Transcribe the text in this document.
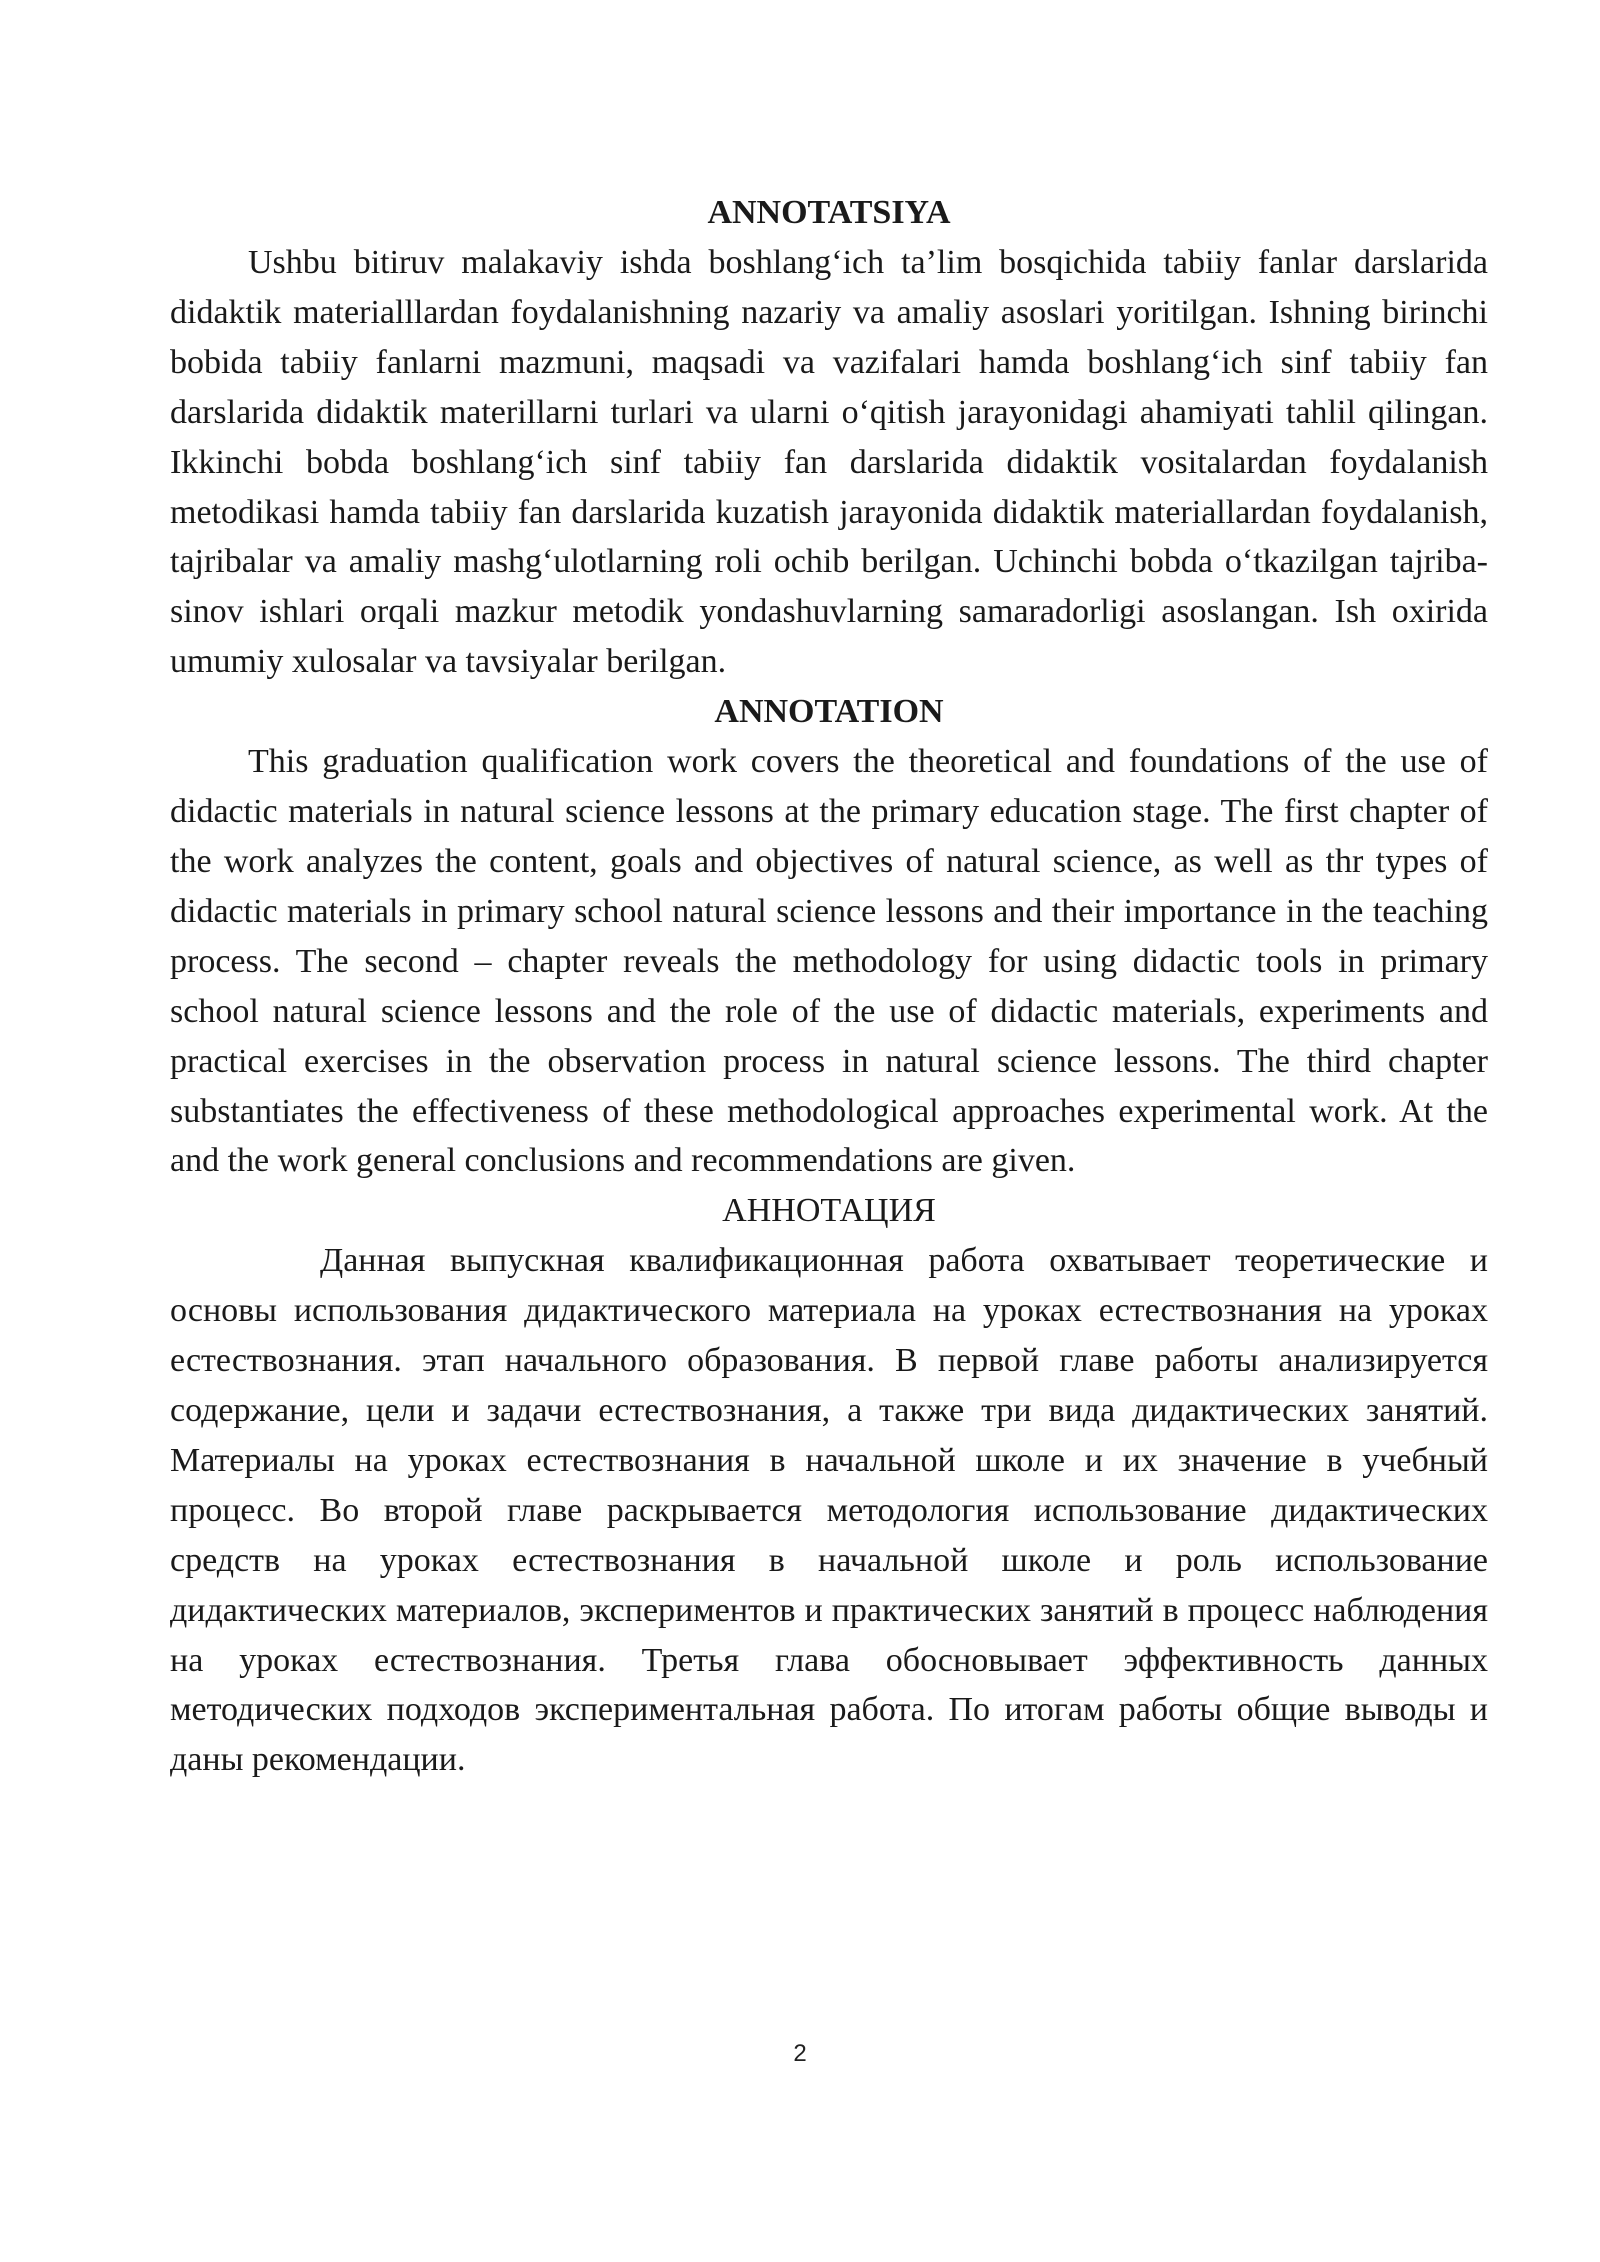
ANNOTATSIYA

Ushbu bitiruv malakaviy ishda boshlang‘ich ta’lim bosqichida tabiiy fanlar darslarida didaktik materialllardan foydalanishning nazariy va amaliy asoslari yoritilgan. Ishning birinchi bobida tabiiy fanlarni mazmuni, maqsadi va vazifalari hamda boshlang‘ich sinf tabiiy fan darslarida didaktik materillarni turlari va ularni o‘qitish jarayonidagi ahamiyati tahlil qilingan. Ikkinchi bobda boshlang‘ich sinf tabiiy fan darslarida didaktik vositalardan foydalanish metodikasi hamda tabiiy fan darslarida kuzatish jarayonida didaktik materiallardan foydalanish, tajribalar va amaliy mashg‘ulotlarning roli ochib berilgan. Uchinchi bobda o‘tkazilgan tajriba-sinov ishlari orqali mazkur metodik yondashuvlarning samaradorligi asoslangan. Ish oxirida umumiy xulosalar va tavsiyalar berilgan.

ANNOTATION

This graduation qualification work covers the theoretical and foundations of the use of didactic materials in natural science lessons at the primary education stage. The first chapter of the work analyzes the content, goals and objectives of natural science, as well as thr types of didactic materials in primary school natural science lessons and their importance in the teaching process. The second – chapter reveals the methodology for using didactic tools in primary school natural science lessons and the role of the use of didactic materials, experiments and practical exercises in the observation process in natural science lessons. The third chapter substantiates the effectiveness of these methodological approaches experimental work. At the and the work general conclusions and recommendations are given.

АННОТАЦИЯ

Данная выпускная квалификационная работа охватывает теоретические и основы использования дидактического материала на уроках естествознания на уроках естествознания. этап начального образования. В первой главе работы анализируется содержание, цели и задачи естествознания, а также три вида дидактических занятий. Материалы на уроках естествознания в начальной школе и их значение в учебный процесс. Во второй главе раскрывается методология использование дидактических средств на уроках естествознания в начальной школе и роль использование дидактических материалов, экспериментов и практических занятий в процесс наблюдения на уроках естествознания. Третья глава обосновывает эффективность данных методических подходов экспериментальная работа. По итогам работы общие выводы и даны рекомендации.

2
